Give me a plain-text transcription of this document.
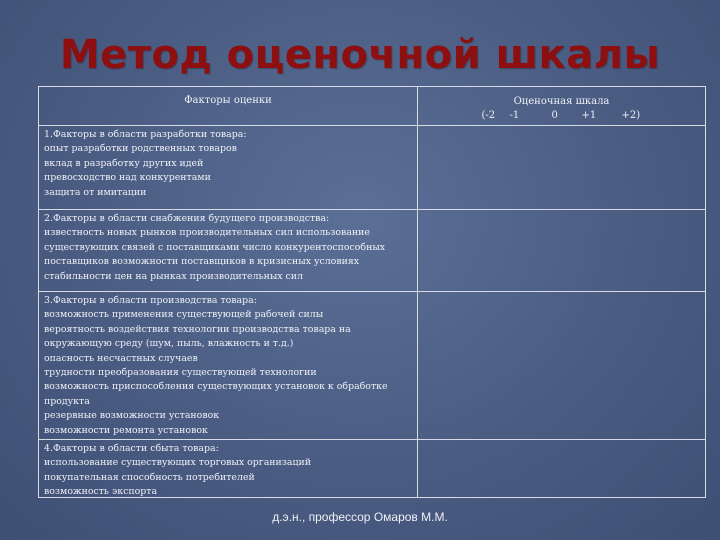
Метод оценочной шкалы
Факторы оценки	Оценочная шкала
(-2	-1	0	+1	+2)
1.Факторы в области разработки товара:
опыт разработки родственных товаров
вклад в разработку других идей
превосходство над конкурентами
защита от имитации
2.Факторы в области снабжения будущего производства:
известность новых рынков производительных сил использование
существующих связей с поставщиками число конкурентоспособных
поставщиков возможности поставщиков в кризисных условиях
стабильности цен на рынках производительных сил
3.Факторы в области производства товара:
возможность применения существующей рабочей силы
вероятность воздействия технологии производства товара на
окружающую среду (шум, пыль, влажность и т.д.)
опасность несчастных случаев
трудности преобразования существующей технологии
возможность приспособления существующих установок к обработке
продукта
резервные возможности установок
возможности ремонта установок
4.Факторы в области сбыта товара:
использование существующих торговых организаций
покупательная способность потребителей
возможность экспорта
д.э.н., профессор Омаров М.М.
